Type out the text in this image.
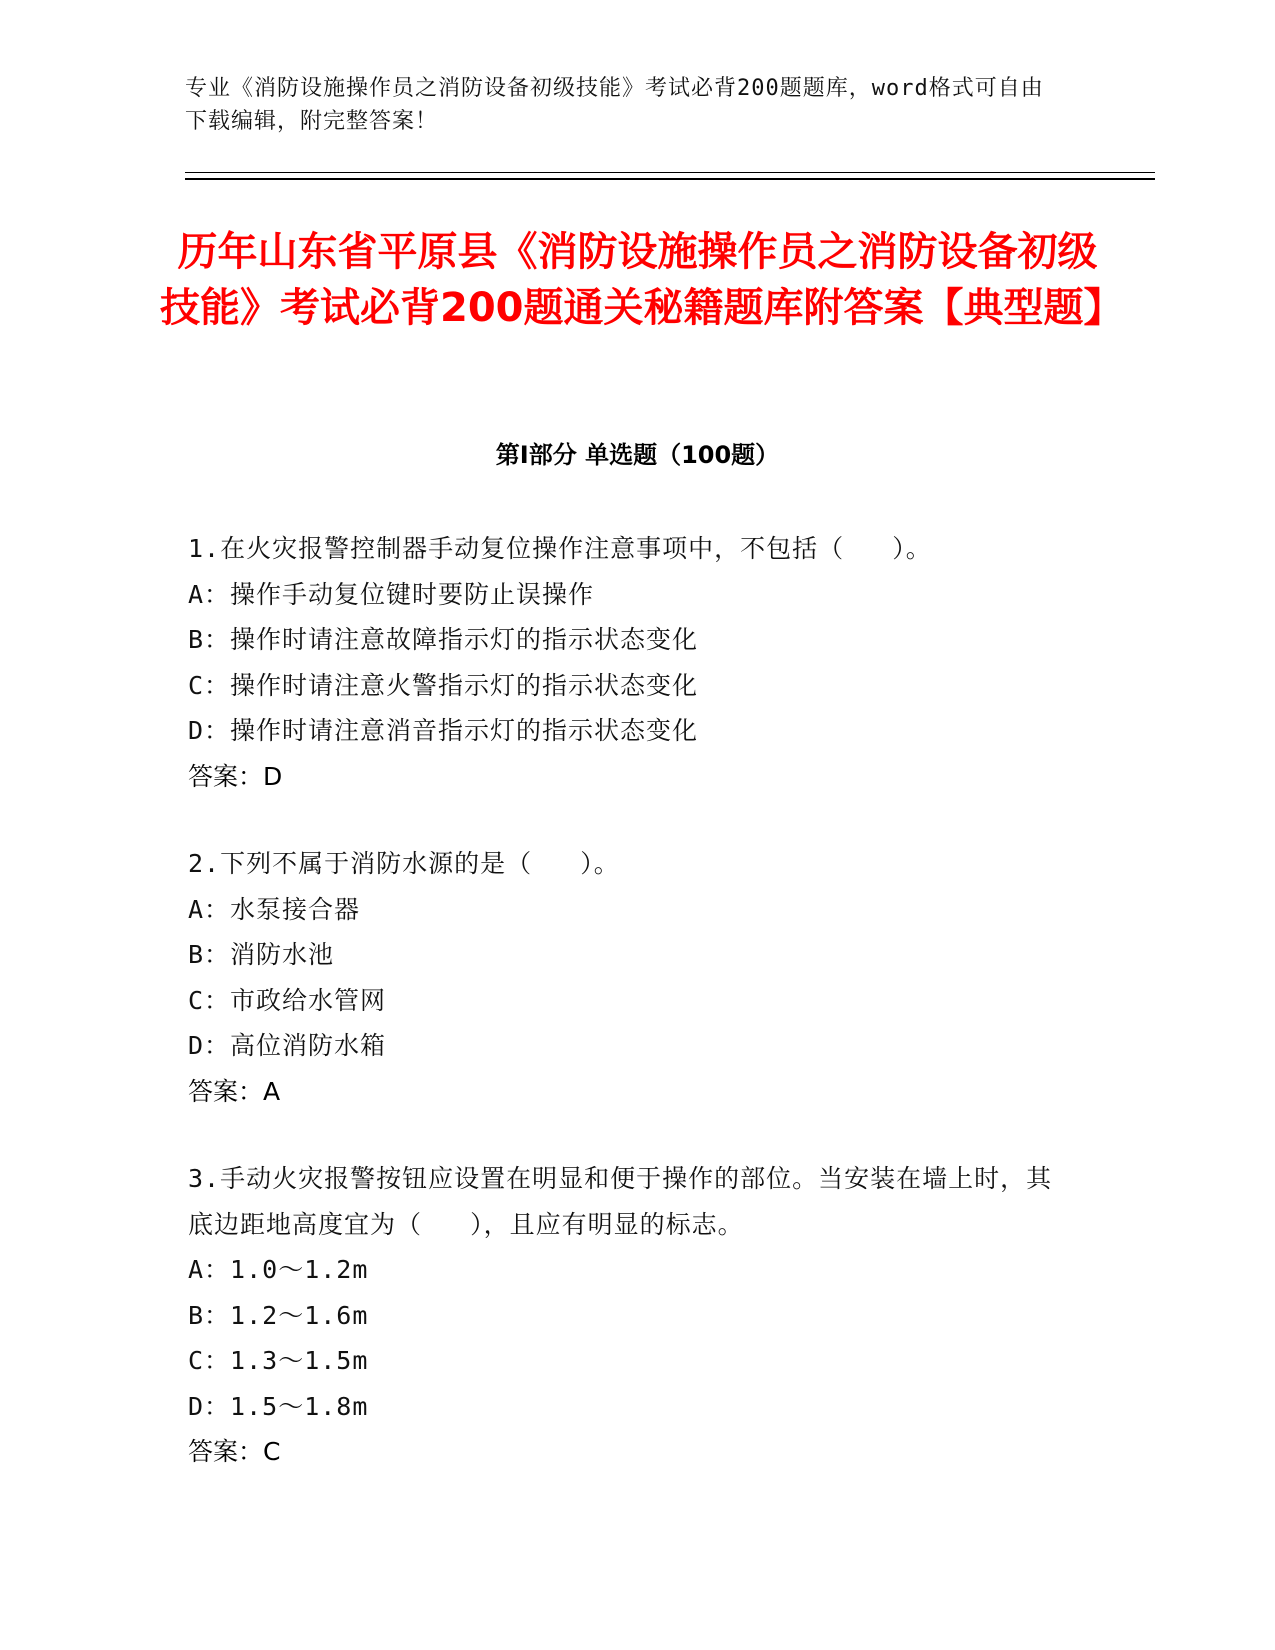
专业《消防设施操作员之消防设备初级技能》考试必背200题题库，word格式可自由下载编辑，附完整答案！
历年山东省平原县《消防设施操作员之消防设备初级技能》考试必背200题通关秘籍题库附答案【典型题】
第I部分 单选题（100题）
1.在火灾报警控制器手动复位操作注意事项中，不包括（   ）。
A：操作手动复位键时要防止误操作
B：操作时请注意故障指示灯的指示状态变化
C：操作时请注意火警指示灯的指示状态变化
D：操作时请注意消音指示灯的指示状态变化
答案：D
2.下列不属于消防水源的是（   ）。
A：水泵接合器
B：消防水池
C：市政给水管网
D：高位消防水箱
答案：A
3.手动火灾报警按钮应设置在明显和便于操作的部位。当安装在墙上时，其底边距地高度宜为（   ），且应有明显的标志。
A：1.0～1.2m
B：1.2～1.6m
C：1.3～1.5m
D：1.5～1.8m
答案：C
